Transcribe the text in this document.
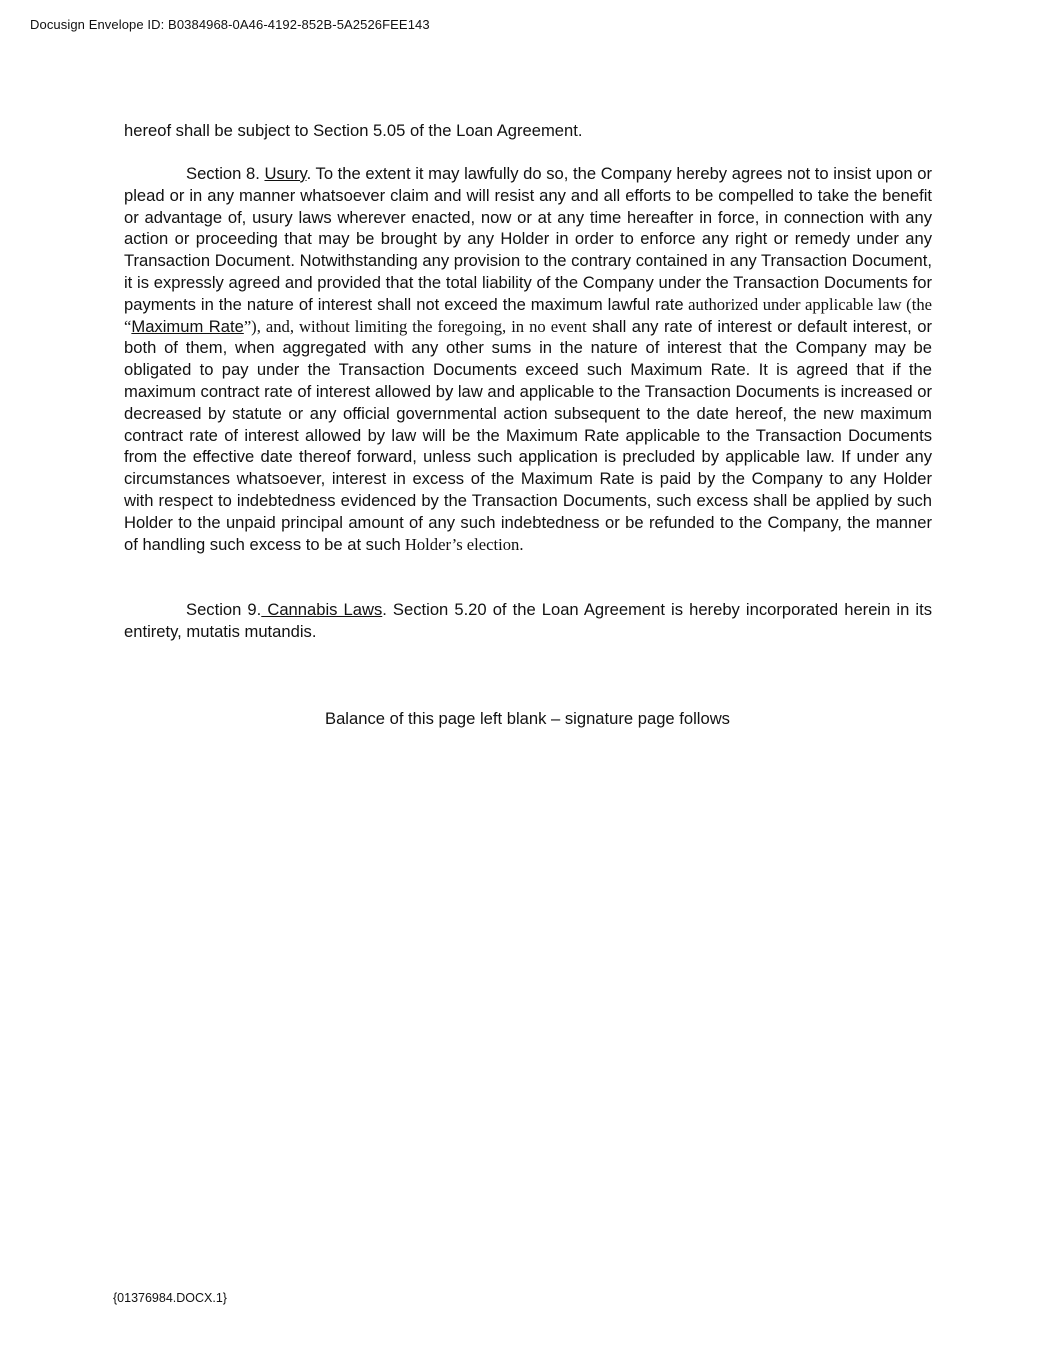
Docusign Envelope ID: B0384968-0A46-4192-852B-5A2526FEE143
hereof shall be subject to Section 5.05 of the Loan Agreement.
Section 8. Usury. To the extent it may lawfully do so, the Company hereby agrees not to insist upon or plead or in any manner whatsoever claim and will resist any and all efforts to be compelled to take the benefit or advantage of, usury laws wherever enacted, now or at any time hereafter in force, in connection with any action or proceeding that may be brought by any Holder in order to enforce any right or remedy under any Transaction Document. Notwithstanding any provision to the contrary contained in any Transaction Document, it is expressly agreed and provided that the total liability of the Company under the Transaction Documents for payments in the nature of interest shall not exceed the maximum lawful rate authorized under applicable law (the “Maximum Rate”), and, without limiting the foregoing, in no event shall any rate of interest or default interest, or both of them, when aggregated with any other sums in the nature of interest that the Company may be obligated to pay under the Transaction Documents exceed such Maximum Rate. It is agreed that if the maximum contract rate of interest allowed by law and applicable to the Transaction Documents is increased or decreased by statute or any official governmental action subsequent to the date hereof, the new maximum contract rate of interest allowed by law will be the Maximum Rate applicable to the Transaction Documents from the effective date thereof forward, unless such application is precluded by applicable law. If under any circumstances whatsoever, interest in excess of the Maximum Rate is paid by the Company to any Holder with respect to indebtedness evidenced by the Transaction Documents, such excess shall be applied by such Holder to the unpaid principal amount of any such indebtedness or be refunded to the Company, the manner of handling such excess to be at such Holder’s election.
Section 9. Cannabis Laws. Section 5.20 of the Loan Agreement is hereby incorporated herein in its entirety, mutatis mutandis.
Balance of this page left blank – signature page follows
{01376984.DOCX.1}
